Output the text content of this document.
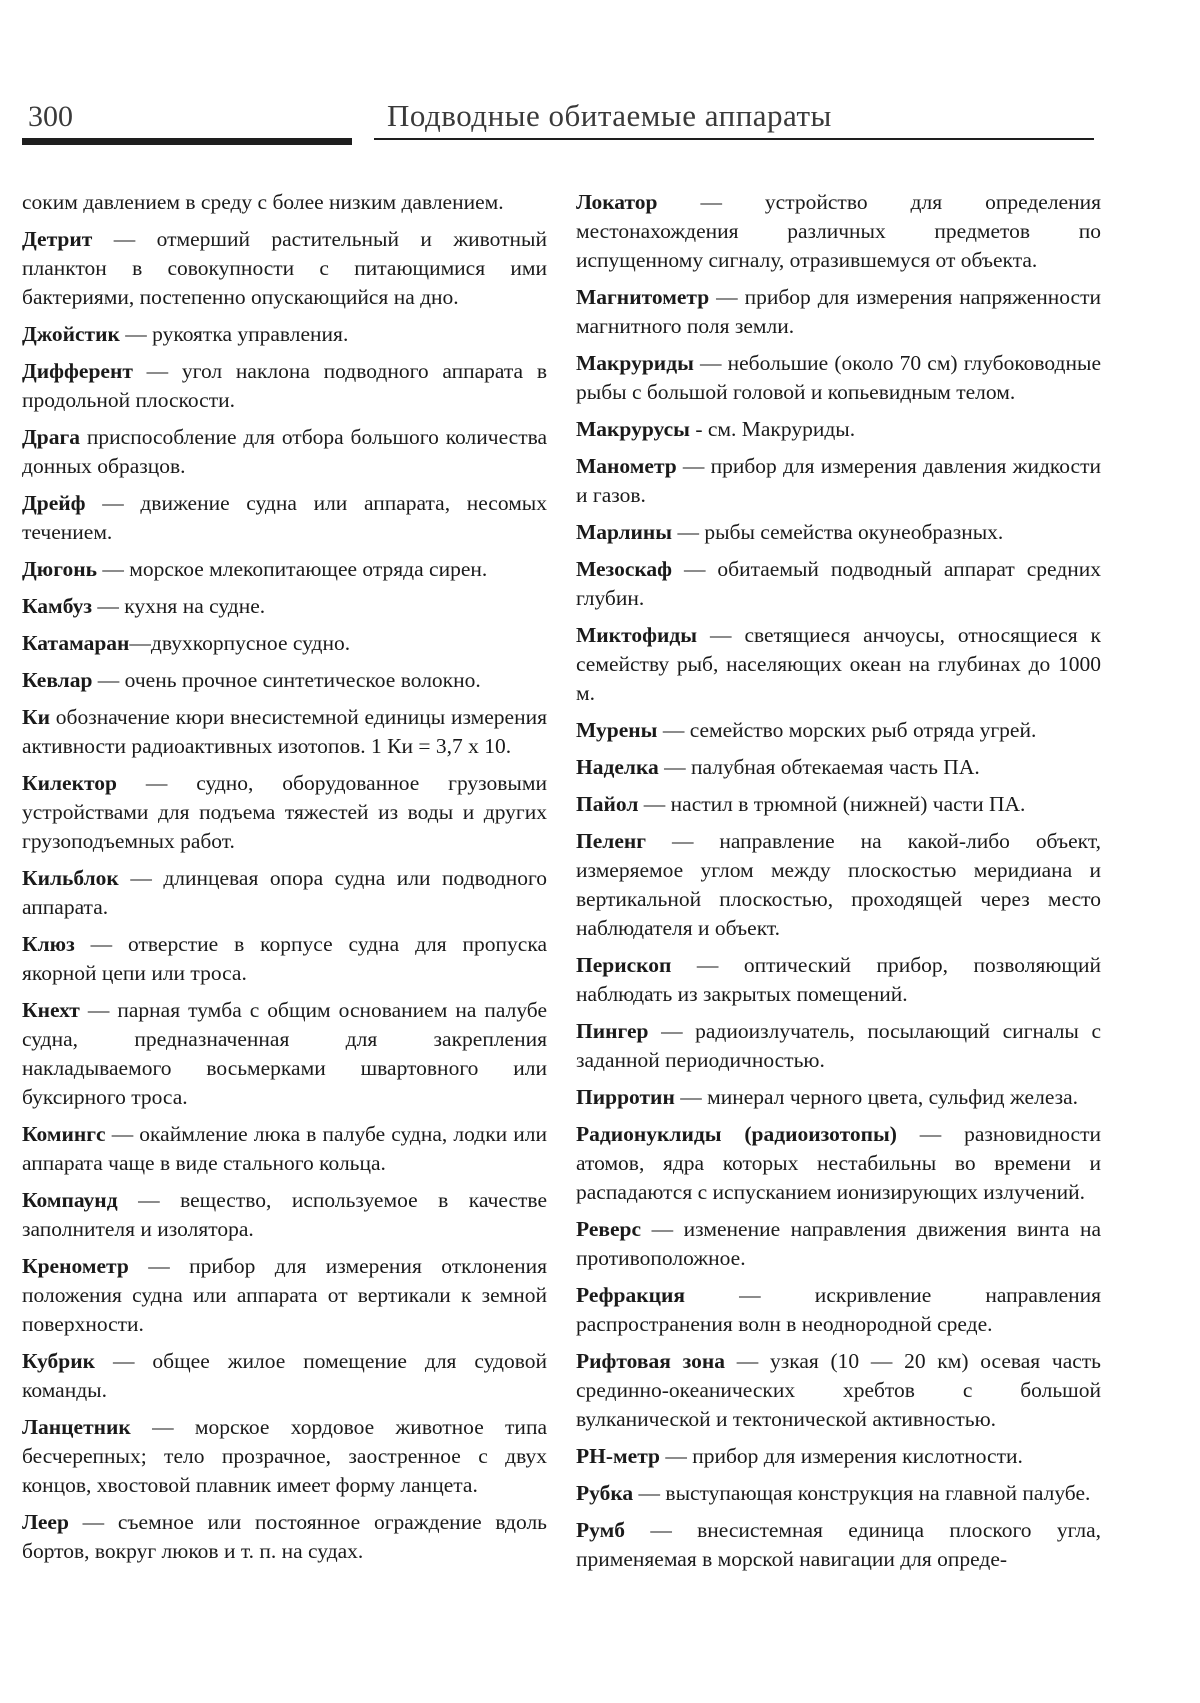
300	Подводные обитаемые аппараты

соким давлением в среду с более низким давлением.

Детрит — отмерший растительный и животный планктон в совокупности с питающимися ими бактериями, постепенно опускающийся на дно.

Джойстик — рукоятка управления.

Дифферент — угол наклона подводного аппарата в продольной плоскости.

Драга приспособление для отбора большого количества донных образцов.

Дрейф — движение судна или аппарата, несомых течением.

Дюгонь — морское млекопитающее отряда сирен.

Камбуз — кухня на судне.

Катамаран—двухкорпусное судно.

Кевлар — очень прочное синтетическое волокно.

Ки обозначение кюри внесистемной единицы измерения активности радиоактивных изотопов. 1 Ки = 3,7 х 10.

Килектор — судно, оборудованное грузовыми устройствами для подъема тяжестей из воды и других грузоподъемных работ.

Кильблок — длинцевая опора судна или подводного аппарата.

Клюз — отверстие в корпусе судна для пропуска якорной цепи или троса.

Кнехт — парная тумба с общим основанием на палубе судна, предназначенная для закрепления накладываемого восьмерками швартовного или буксирного троса.

Комингс — окаймление люка в палубе судна, лодки или аппарата чаще в виде стального кольца.

Компаунд — вещество, используемое в качестве заполнителя и изолятора.

Кренометр — прибор для измерения отклонения положения судна или аппарата от вертикали к земной поверхности.

Кубрик — общее жилое помещение для судовой команды.

Ланцетник — морское хордовое животное типа бесчерепных; тело прозрачное, заостренное с двух концов, хвостовой плавник имеет форму ланцета.

Леер — съемное или постоянное ограждение вдоль бортов, вокруг люков и т. п. на судах.

Локатор — устройство для определения местонахождения различных предметов по испущенному сигналу, отразившемуся от объекта.

Магнитометр — прибор для измерения напряженности магнитного поля земли.

Макруриды — небольшие (около 70 см) глубоководные рыбы с большой головой и копьевидным телом.

Макрурусы - см. Макруриды.

Манометр — прибор для измерения давления жидкости и газов.

Марлины — рыбы семейства окунеобразных.

Мезоскаф — обитаемый подводный аппарат средних глубин.

Миктофиды — светящиеся анчоусы, относящиеся к семейству рыб, населяющих океан на глубинах до 1000 м.

Мурены — семейство морских рыб отряда угрей.

Наделка — палубная обтекаемая часть ПА.

Пайол — настил в трюмной (нижней) части ПА.

Пеленг — направление на какой-либо объект, измеряемое углом между плоскостью меридиана и вертикальной плоскостью, проходящей через место наблюдателя и объект.

Перископ — оптический прибор, позволяющий наблюдать из закрытых помещений.

Пингер — радиоизлучатель, посылающий сигналы с заданной периодичностью.

Пирротин — минерал черного цвета, сульфид железа.

Радионуклиды (радиоизотопы) — разновидности атомов, ядра которых нестабильны во времени и распадаются с испусканием ионизирующих излучений.

Реверс — изменение направления движения винта на противоположное.

Рефракция — искривление направления распространения волн в неоднородной среде.

Рифтовая зона — узкая (10 — 20 км) осевая часть срединно-океанических хребтов с большой вулканической и тектонической активностью.

PH-метр — прибор для измерения кислотности.

Рубка — выступающая конструкция на главной палубе.

Румб — внесистемная единица плоского угла, применяемая в морской навигации для опреде-
